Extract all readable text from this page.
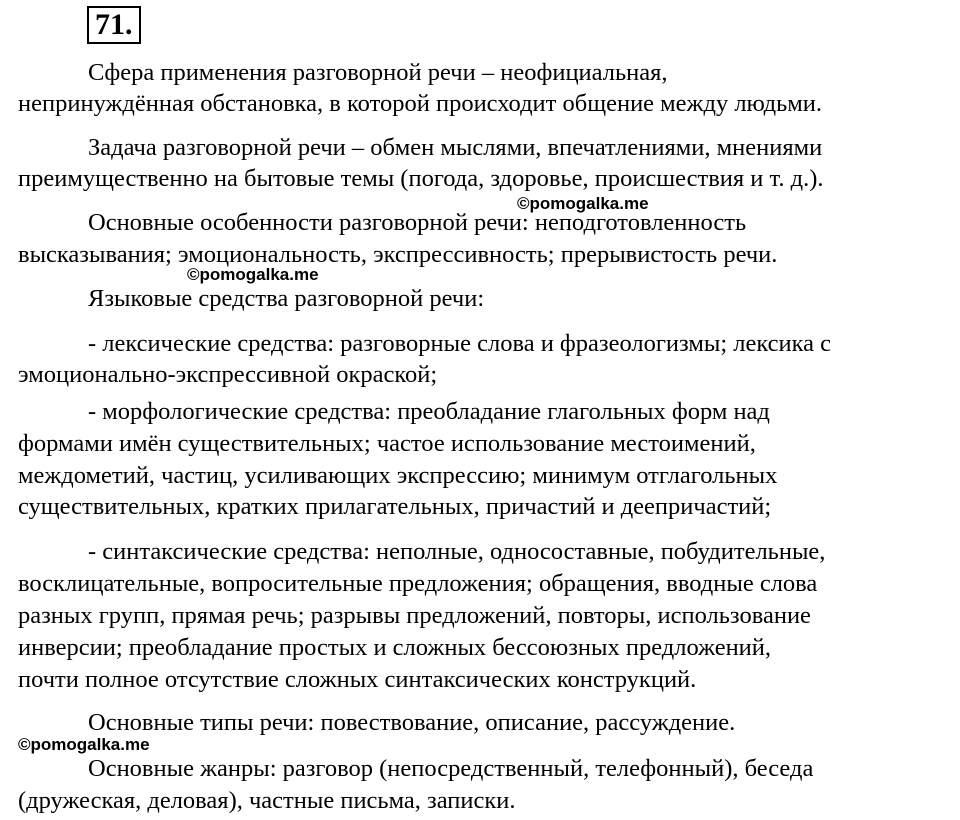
71.
Сфера применения разговорной речи – неофициальная,
непринуждённая обстановка, в которой происходит общение между людьми.
Задача разговорной речи – обмен мыслями, впечатлениями, мнениями
преимущественно на бытовые темы (погода, здоровье, происшествия и т. д.).
Основные особенности разговорной речи: неподготовленность
высказывания; эмоциональность, экспрессивность; прерывистость речи.
Языковые средства разговорной речи:
- лексические средства: разговорные слова и фразеологизмы; лексика с
эмоционально-экспрессивной окраской;
- морфологические средства: преобладание глагольных форм над
формами имён существительных; частое использование местоимений,
междометий, частиц, усиливающих экспрессию; минимум отглагольных
существительных, кратких прилагательных, причастий и деепричастий;
- синтаксические средства: неполные, односоставные, побудительные,
восклицательные, вопросительные предложения; обращения, вводные слова
разных групп, прямая речь; разрывы предложений, повторы, использование
инверсии; преобладание простых и сложных бессоюзных предложений,
почти полное отсутствие сложных синтаксических конструкций.
Основные типы речи: повествование, описание, рассуждение.
Основные жанры: разговор (непосредственный, телефонный), беседа
(дружеская, деловая), частные письма, записки.
©pomogalka.me
©pomogalka.me
©pomogalka.me
